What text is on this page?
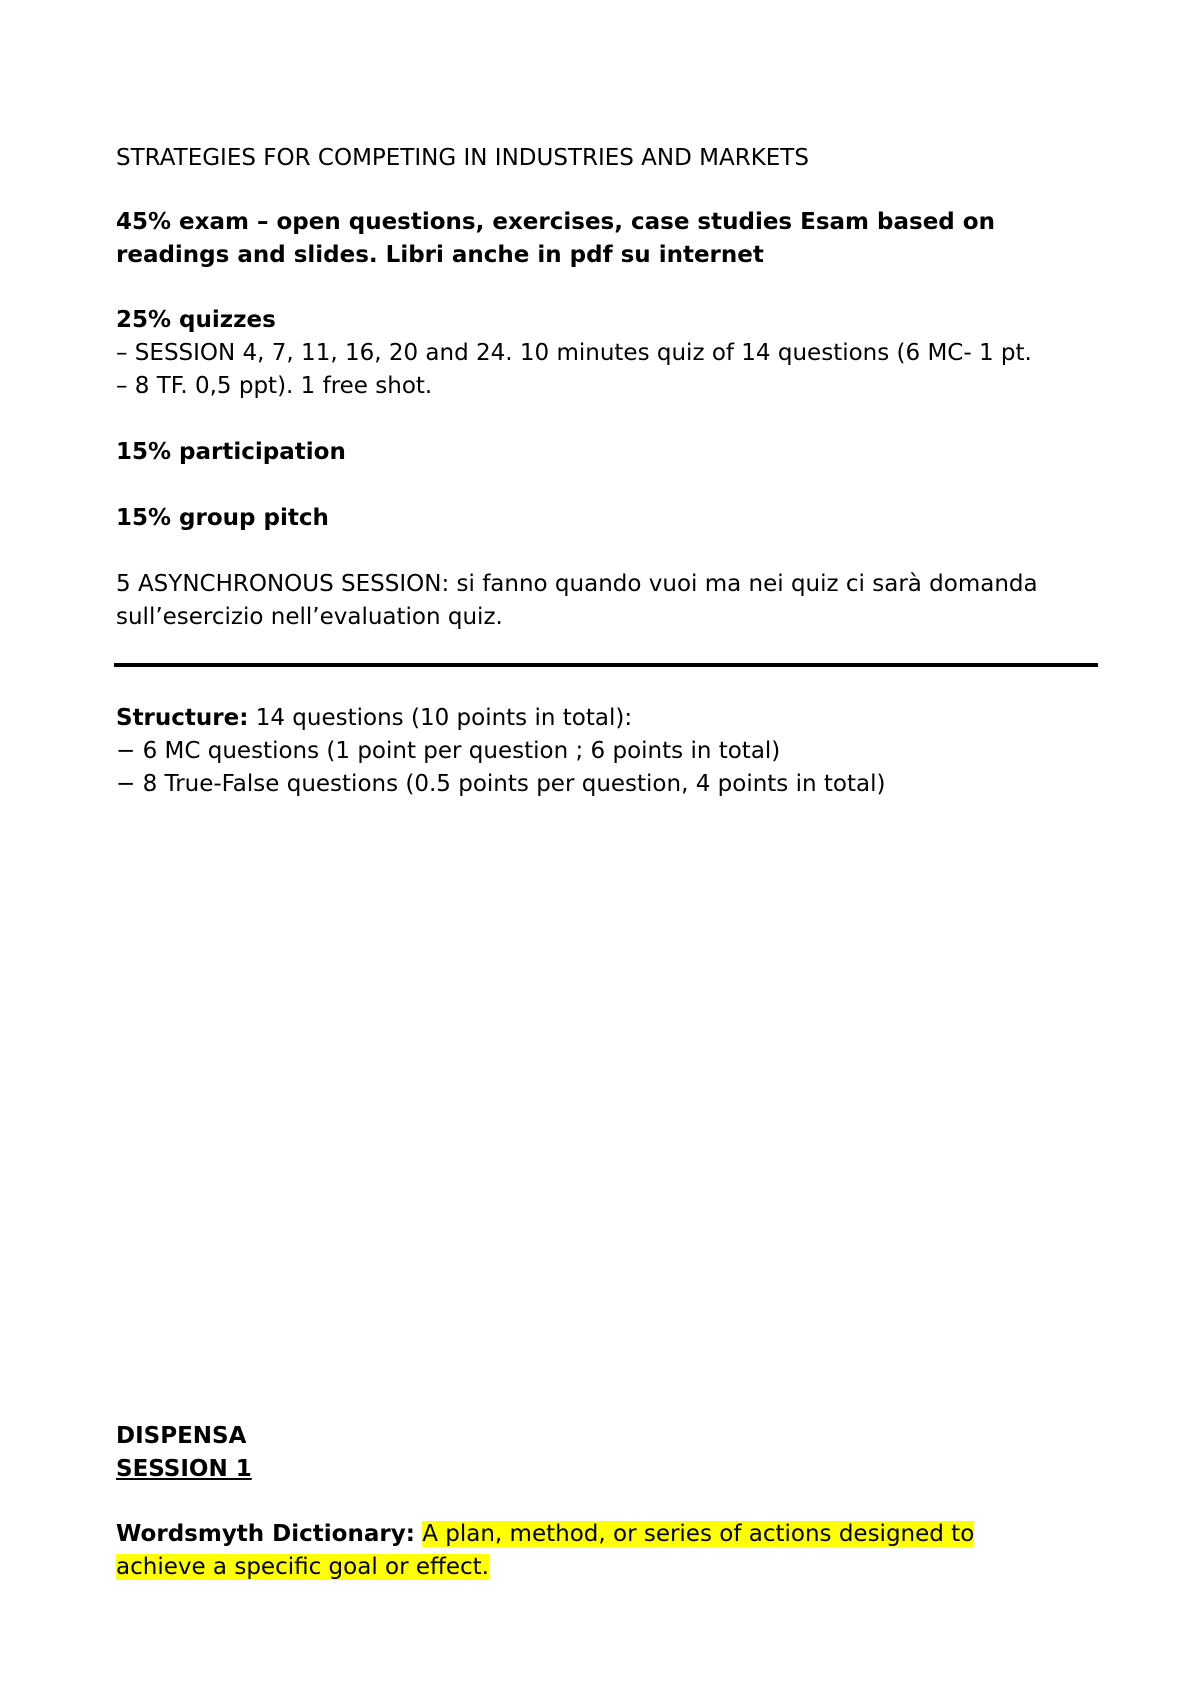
STRATEGIES FOR COMPETING IN INDUSTRIES AND MARKETS

45% exam – open questions, exercises, case studies Esam based on
readings and slides. Libri anche in pdf su internet
25% quizzes
– SESSION 4, 7, 11, 16, 20 and 24. 10 minutes quiz of 14 questions (6 MC- 1 pt.
– 8 TF. 0,5 ppt). 1 free shot.

15% participation

15% group pitch

5 ASYNCHRONOUS SESSION: si fanno quando vuoi ma nei quiz ci sarà domanda
sull’esercizio nell’evaluation quiz.
Structure: 14 questions (10 points in total):
− 6 MC questions (1 point per question ; 6 points in total)
− 8 True-False questions (0.5 points per question, 4 points in total)
DISPENSA
SESSION 1
Wordsmyth Dictionary: A plan, method, or series of actions designed to
achieve a specific goal or effect.
